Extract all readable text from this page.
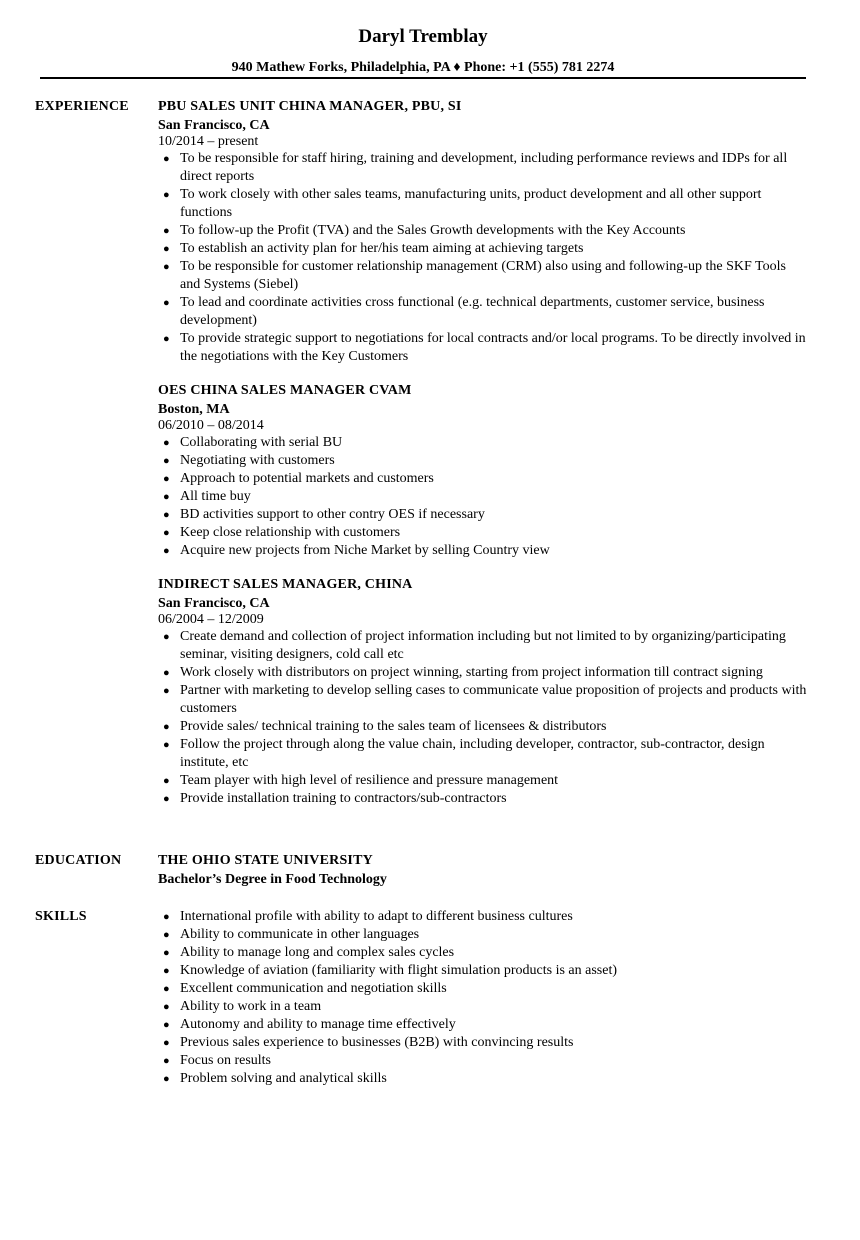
Daryl Tremblay
940 Mathew Forks, Philadelphia, PA ♦ Phone: +1 (555) 781 2274
EXPERIENCE PBU SALES UNIT CHINA MANAGER, PBU, SI
San Francisco, CA
10/2014 – present
● To be responsible for staff hiring, training and development, including performance reviews and IDPs for all direct reports
● To work closely with other sales teams, manufacturing units, product development and all other support functions
● To follow-up the Profit (TVA) and the Sales Growth developments with the Key Accounts
● To establish an activity plan for her/his team aiming at achieving targets
● To be responsible for customer relationship management (CRM) also using and following-up the SKF Tools and Systems (Siebel)
● To lead and coordinate activities cross functional (e.g. technical departments, customer service, business development)
● To provide strategic support to negotiations for local contracts and/or local programs. To be directly involved in the negotiations with the Key Customers
OES CHINA SALES MANAGER CVAM
Boston, MA
06/2010 – 08/2014
● Collaborating with serial BU
● Negotiating with customers
● Approach to potential markets and customers
● All time buy
● BD activities support to other contry OES if necessary
● Keep close relationship with customers
● Acquire new projects from Niche Market by selling Country view
INDIRECT SALES MANAGER, CHINA
San Francisco, CA
06/2004 – 12/2009
● Create demand and collection of project information including but not limited to by organizing/participating seminar, visiting designers, cold call etc
● Work closely with distributors on project winning, starting from project information till contract signing
● Partner with marketing to develop selling cases to communicate value proposition of projects and products with customers
● Provide sales/ technical training to the sales team of licensees & distributors
● Follow the project through along the value chain, including developer, contractor, sub-contractor, design institute, etc
● Team player with high level of resilience and pressure management
● Provide installation training to contractors/sub-contractors
EDUCATION	THE OHIO STATE UNIVERSITY
Bachelor’s Degree in Food Technology
SKILLS	● International profile with ability to adapt to different business cultures
● Ability to communicate in other languages
● Ability to manage long and complex sales cycles
● Knowledge of aviation (familiarity with flight simulation products is an asset)
● Excellent communication and negotiation skills
● Ability to work in a team
● Autonomy and ability to manage time effectively
● Previous sales experience to businesses (B2B) with convincing results
● Focus on results
● Problem solving and analytical skills
